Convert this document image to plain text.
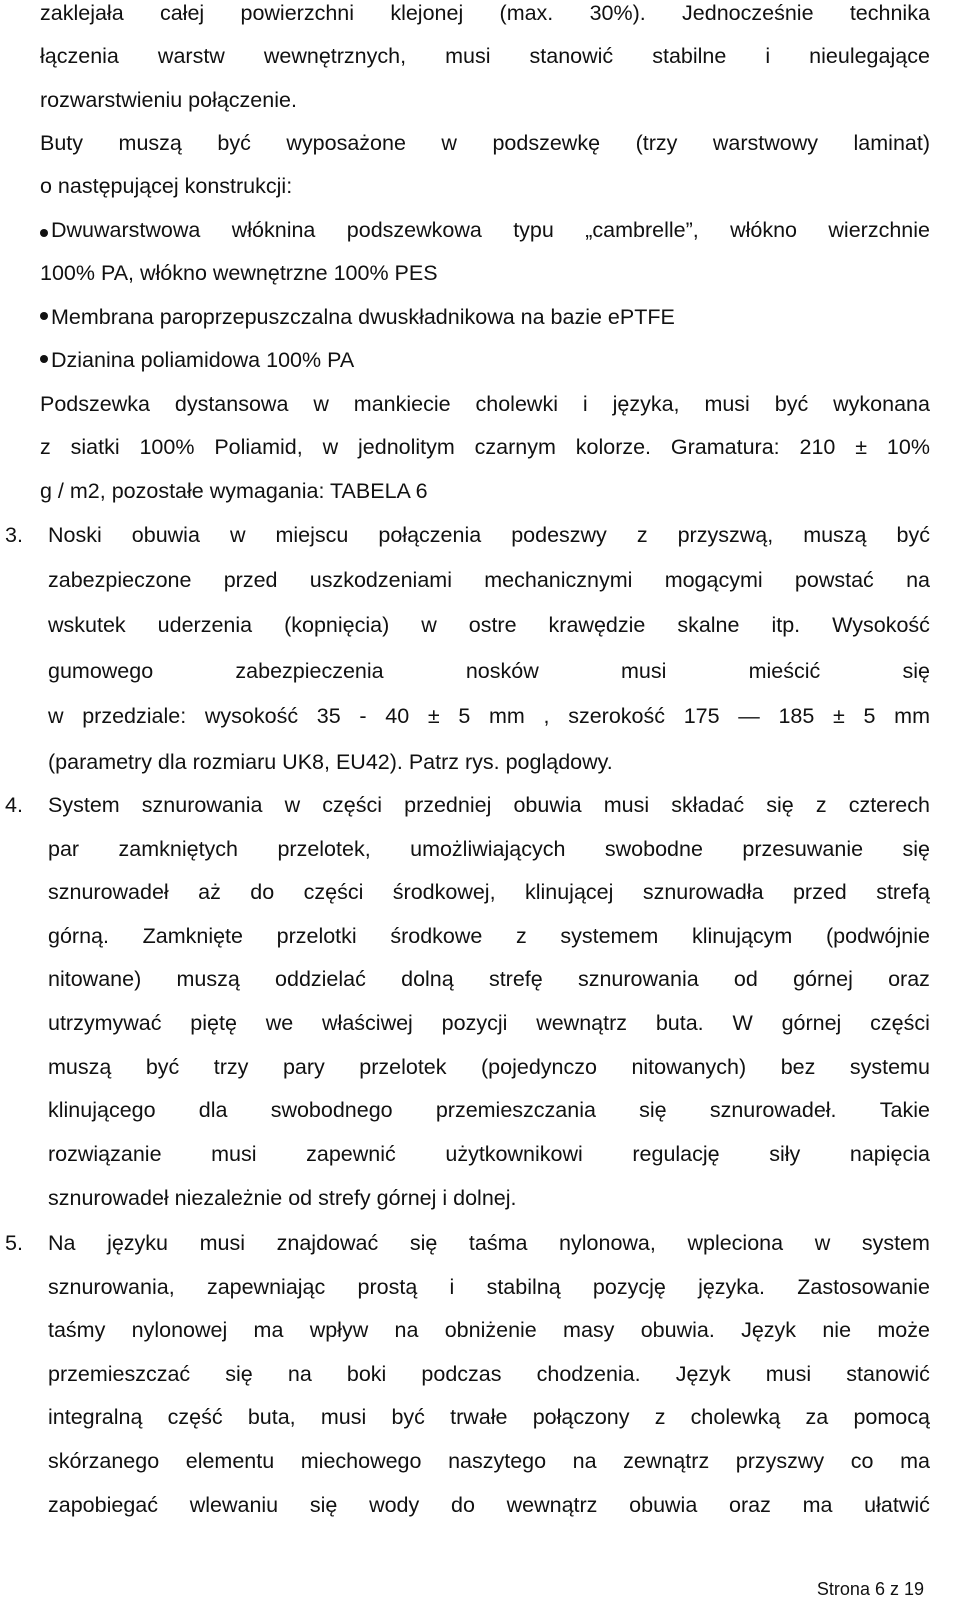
zaklejała całej powierzchni klejonej (max. 30%). Jednocześnie technika
łączenia warstw wewnętrznych, musi stanowić stabilne i nieulegające
rozwarstwieniu połączenie.
Buty muszą być wyposażone w podszewkę (trzy warstwowy laminat)
o następującej konstrukcji:
Dwuwarstwowa włóknina podszewkowa typu „cambrelle”, włókno wierzchnie
100% PA, włókno wewnętrzne 100% PES
Membrana paroprzepuszczalna dwuskładnikowa na bazie ePTFE
Dzianina poliamidowa 100% PA
Podszewka dystansowa w mankiecie cholewki i języka, musi być wykonana
z siatki 100% Poliamid, w jednolitym czarnym kolorze. Gramatura: 210 ± 10%
g / m2, pozostałe wymagania: TABELA 6
3. Noski obuwia w miejscu połączenia podeszwy z przyszwą, muszą być
zabezpieczone przed uszkodzeniami mechanicznymi mogącymi powstać na
wskutek uderzenia (kopnięcia) w ostre krawędzie skalne itp. Wysokość
gumowego	zabezpieczenia	nosków	musi	mieścić	się
w przedziale: wysokość 35 - 40 ± 5 mm , szerokość 175 — 185 ± 5 mm
(parametry dla rozmiaru UK8, EU42). Patrz rys. poglądowy.
4. System sznurowania w części przedniej obuwia musi składać się z czterech
par zamkniętych przelotek, umożliwiających swobodne przesuwanie się
sznurowadeł aż do części środkowej, klinującej sznurowadła przed strefą
górną. Zamknięte przelotki środkowe z systemem klinującym (podwójnie
nitowane) muszą oddzielać dolną strefę sznurowania od górnej oraz
utrzymywać piętę we właściwej pozycji wewnątrz buta. W górnej części
muszą być trzy pary przelotek (pojedynczo nitowanych) bez systemu
klinującego dla swobodnego przemieszczania się sznurowadeł. Takie
rozwiązanie musi zapewnić użytkownikowi regulację siły napięcia
sznurowadeł niezależnie od strefy górnej i dolnej.
5. Na języku musi znajdować się taśma nylonowa, wpleciona w system
sznurowania, zapewniając prostą i stabilną pozycję języka. Zastosowanie
taśmy nylonowej ma wpływ na obniżenie masy obuwia. Język nie może
przemieszczać się na boki podczas chodzenia. Język musi stanowić
integralną część buta, musi być trwałe połączony z cholewką za pomocą
skórzanego elementu miechowego naszytego na zewnątrz przyszwy co ma
zapobiegać wlewaniu się wody do wewnątrz obuwia oraz ma ułatwić
Strona 6 z 19
